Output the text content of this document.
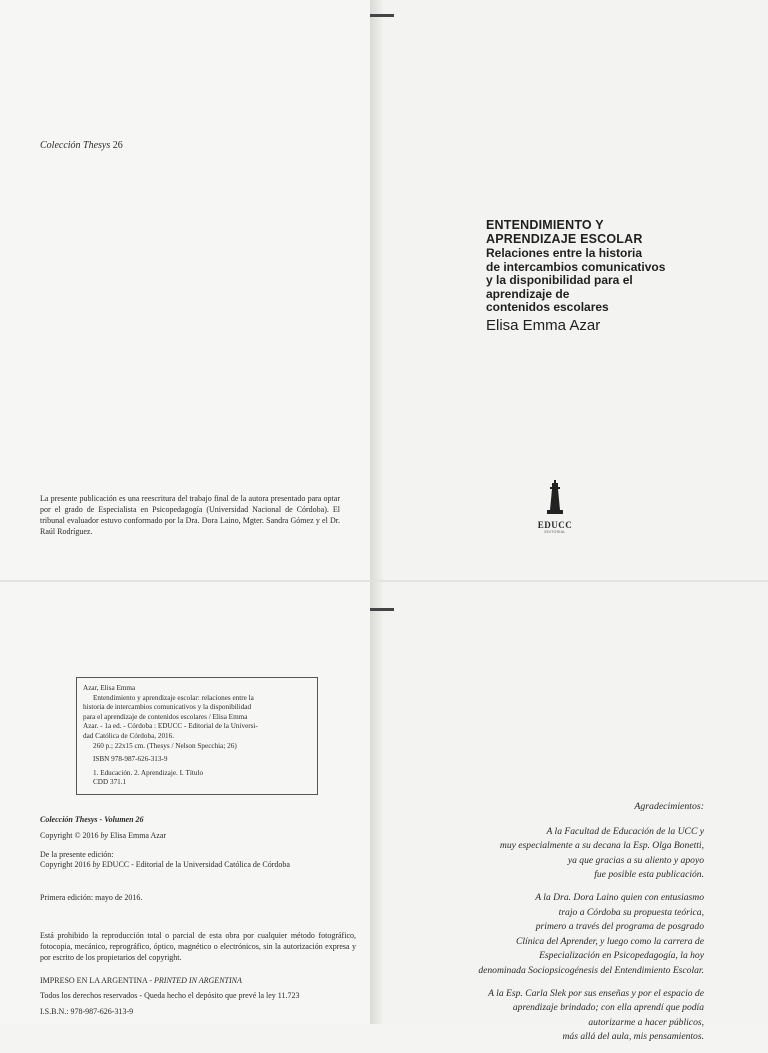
Colección Thesys 26
La presente publicación es una reescritura del trabajo final de la autora presentado para optar por el grado de Especialista en Psicopedagogía (Universidad Nacional de Córdoba). El tribunal evaluador estuvo conformado por la Dra. Dora Laino, Mgter. Sandra Gómez y el Dr. Raúl Rodríguez.
ENTENDIMIENTO Y
APRENDIZAJE ESCOLAR
Relaciones entre la historia
de intercambios comunicativos
y la disponibilidad para el
aprendizaje de
contenidos escolares
Elisa Emma Azar
EDUCC
EDITORIAL
Azar, Elisa Emma
Entendimiento y aprendizaje escolar: relaciones entre la
historia de intercambios comunicativos y la disponibilidad
para el aprendizaje de contenidos escolares / Elisa Emma
Azar. - 1a ed. - Córdoba : EDUCC - Editorial de la Universi-
dad Católica de Córdoba, 2016.
260 p.; 22x15 cm. (Thesys / Nelson Specchia; 26)
ISBN 978-987-626-313-9
1. Educación. 2. Aprendizaje. I. Título
CDD 371.1
Colección Thesys - Volumen 26
Copyright © 2016 by Elisa Emma Azar
De la presente edición:
Copyright 2016 by EDUCC - Editorial de la Universidad Católica de Córdoba
Primera edición: mayo de 2016.
Está prohibido la reproducción total o parcial de esta obra por cualquier método fotográfico, fotocopia, mecánico, reprográfico, óptico, magnético o electrónicos, sin la autorización expresa y por escrito de los propietarios del copyright.
IMPRESO EN LA ARGENTINA - PRINTED IN ARGENTINA
Todos los derechos reservados - Queda hecho el depósito que prevé la ley 11.723
I.S.B.N.: 978-987-626-313-9

Agradecimientos:

A la Facultad de Educación de la UCC y
muy especialmente a su decana la Esp. Olga Bonetti,
ya que gracias a su aliento y apoyo
fue posible esta publicación.

A la Dra. Dora Laino quien con entusiasmo
trajo a Córdoba su propuesta teórica,
primero a través del programa de posgrado
Clínica del Aprender, y luego como la carrera de
Especialización en Psicopedagogía, la hoy
denominada Sociopsicogénesis del Entendimiento Escolar.

A la Esp. Carla Slek por sus enseñas y por el espacio de
aprendizaje brindado; con ella aprendí que podía
autorizarme a hacer públicos,
más allá del aula, mis pensamientos.
